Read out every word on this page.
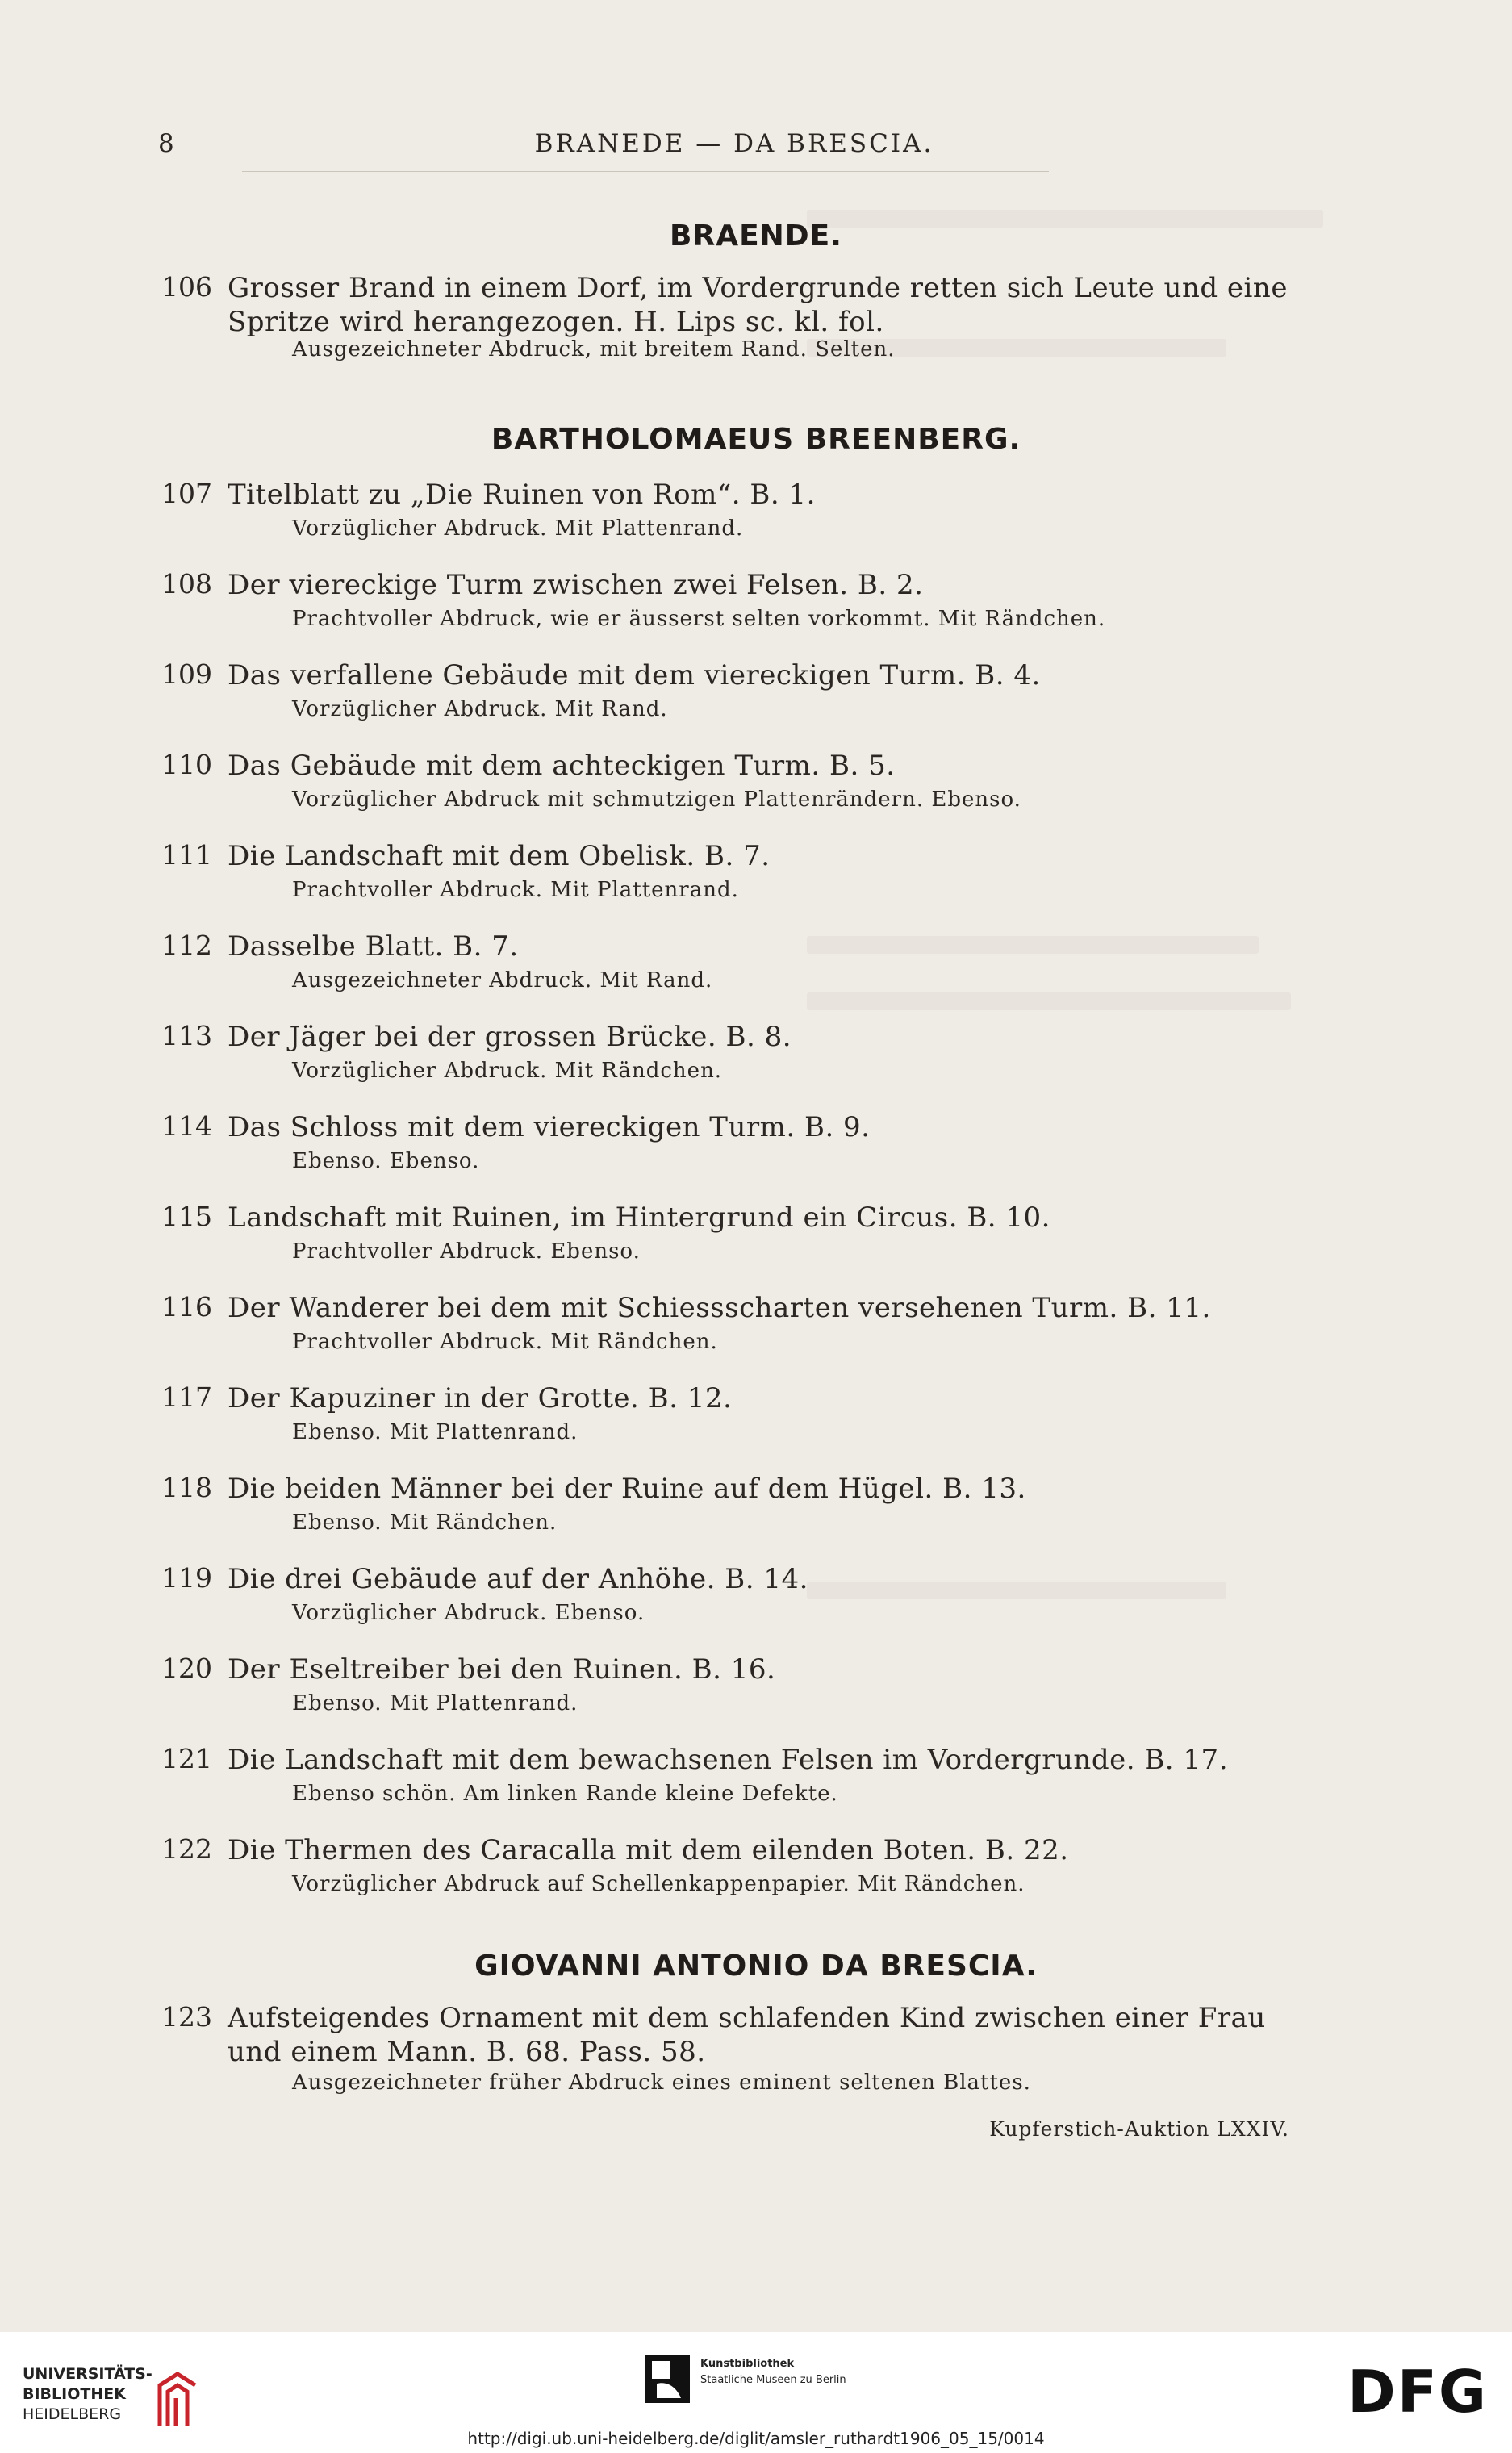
8	BRANEDE — DA BRESCIA.
BRAENDE.
106 Grosser Brand in einem Dorf, im Vordergrunde retten sich Leute und eine Spritze wird herangezogen. H. Lips sc. kl. fol.
Ausgezeichneter Abdruck, mit breitem Rand. Selten.
BARTHOLOMAEUS BREENBERG.
107 Titelblatt zu „Die Ruinen von Rom“. B. 1.
Vorzüglicher Abdruck. Mit Plattenrand.
108 Der viereckige Turm zwischen zwei Felsen. B. 2.
Prachtvoller Abdruck, wie er äusserst selten vorkommt. Mit Rändchen.
109 Das verfallene Gebäude mit dem viereckigen Turm. B. 4.
Vorzüglicher Abdruck. Mit Rand.
110 Das Gebäude mit dem achteckigen Turm. B. 5.
Vorzüglicher Abdruck mit schmutzigen Plattenrändern. Ebenso.
111 Die Landschaft mit dem Obelisk. B. 7.
Prachtvoller Abdruck. Mit Plattenrand.
112 Dasselbe Blatt. B. 7.
Ausgezeichneter Abdruck. Mit Rand.
113 Der Jäger bei der grossen Brücke. B. 8.
Vorzüglicher Abdruck. Mit Rändchen.
114 Das Schloss mit dem viereckigen Turm. B. 9.
Ebenso. Ebenso.
115 Landschaft mit Ruinen, im Hintergrund ein Circus. B. 10.
Prachtvoller Abdruck. Ebenso.
116 Der Wanderer bei dem mit Schiessscharten versehenen Turm. B. 11.
Prachtvoller Abdruck. Mit Rändchen.
117 Der Kapuziner in der Grotte. B. 12.
Ebenso. Mit Plattenrand.
118 Die beiden Männer bei der Ruine auf dem Hügel. B. 13.
Ebenso. Mit Rändchen.
119 Die drei Gebäude auf der Anhöhe. B. 14.
Vorzüglicher Abdruck. Ebenso.
120 Der Eseltreiber bei den Ruinen. B. 16.
Ebenso. Mit Plattenrand.
121 Die Landschaft mit dem bewachsenen Felsen im Vordergrunde. B. 17.
Ebenso schön. Am linken Rande kleine Defekte.
122 Die Thermen des Caracalla mit dem eilenden Boten. B. 22.
Vorzüglicher Abdruck auf Schellenkappenpapier. Mit Rändchen.
GIOVANNI ANTONIO DA BRESCIA.
123 Aufsteigendes Ornament mit dem schlafenden Kind zwischen einer Frau und einem Mann. B. 68. Pass. 58.
Ausgezeichneter früher Abdruck eines eminent seltenen Blattes.
Kupferstich-Auktion LXXIV.
UNIVERSITÄTS-
BIBLIOTHEK
HEIDELBERG
Kunstbibliothek
Staatliche Museen zu Berlin	DFG
http://digi.ub.uni-heidelberg.de/diglit/amsler_ruthardt1906_05_15/0014
